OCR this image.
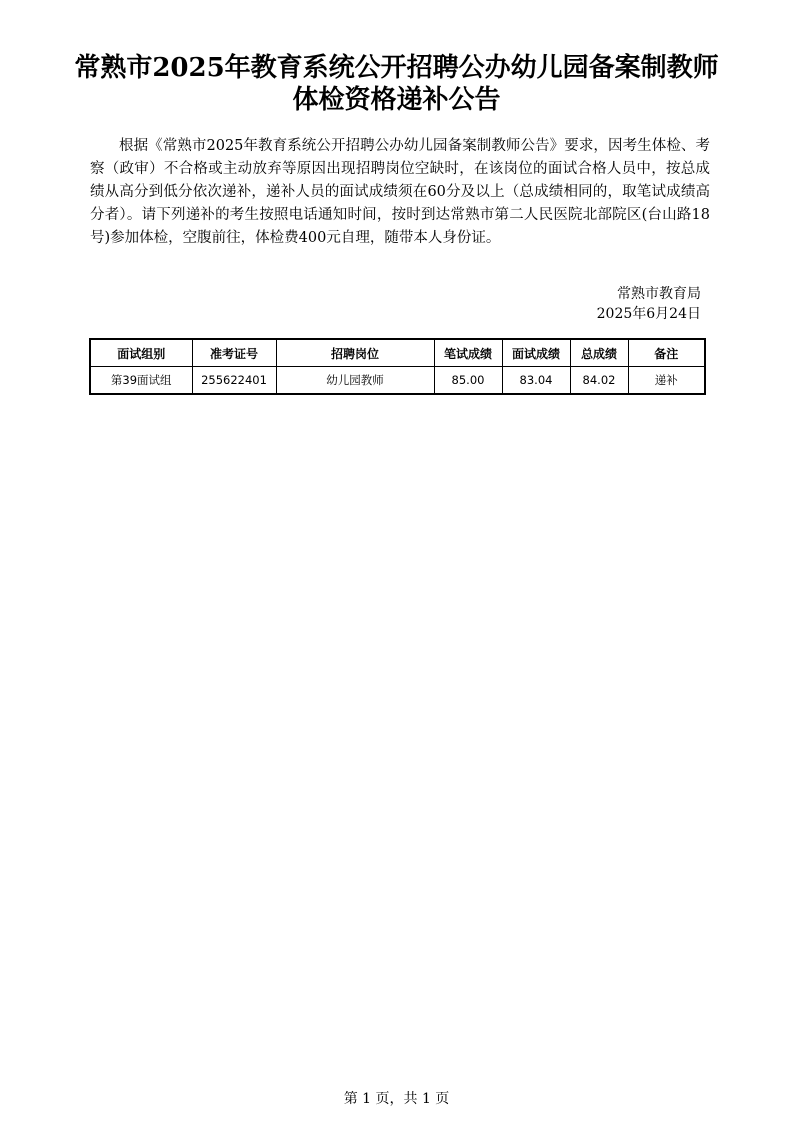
常熟市2025年教育系统公开招聘公办幼儿园备案制教师
体检资格递补公告

根据《常熟市2025年教育系统公开招聘公办幼儿园备案制教师公告》要求，因考生体检、考察（政审）不合格或主动放弃等原因出现招聘岗位空缺时，在该岗位的面试合格人员中，按总成绩从高分到低分依次递补，递补人员的面试成绩须在60分及以上（总成绩相同的，取笔试成绩高分者）。请下列递补的考生按照电话通知时间，按时到达常熟市第二人民医院北部院区(台山路18号)参加体检，空腹前往，体检费400元自理，随带本人身份证。

常熟市教育局
2025年6月24日
面试组别	准考证号	招聘岗位	笔试成绩	面试成绩	总成绩	备注
第39面试组	255622401	幼儿园教师	85.00	83.04	84.02	递补
第 1 页，共 1 页
